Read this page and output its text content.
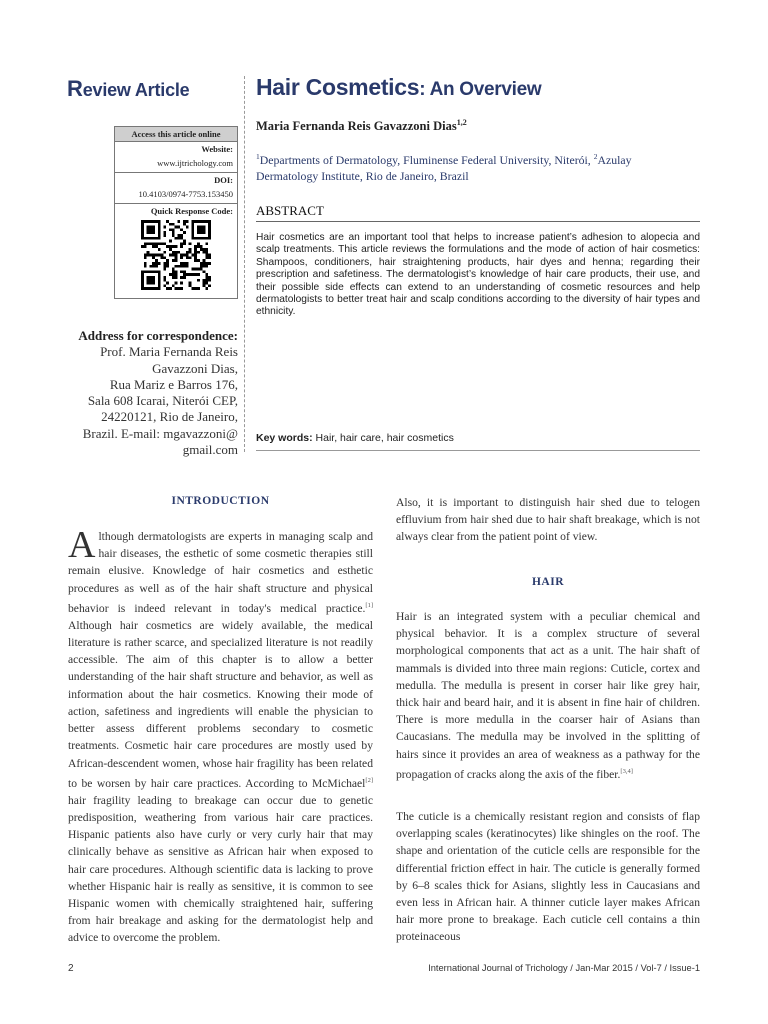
Review Article
Access this article online
Website:
www.ijtrichology.com
DOI:
10.4103/0974-7753.153450
Quick Response Code:
Address for correspondence:
Prof. Maria Fernanda Reis
Gavazzoni Dias,
Rua Mariz e Barros 176,
Sala 608 Icarai, Niterói CEP,
24220121, Rio de Janeiro,
Brazil. E-mail: mgavazzoni@
gmail.com
Hair Cosmetics: An Overview
Maria Fernanda Reis Gavazzoni Dias$^{1,2}$
$^1$Departments of Dermatology, Fluminense Federal University, Niterói, $^2$Azulay Dermatology Institute, Rio de Janeiro, Brazil
ABSTRACT
Hair cosmetics are an important tool that helps to increase patient’s adhesion to alopecia and scalp treatments. This article reviews the formulations and the mode of action of hair cosmetics: Shampoos, conditioners, hair straightening products, hair dyes and henna; regarding their prescription and safetiness. The dermatologist’s knowledge of hair care products, their use, and their possible side effects can extend to an understanding of cosmetic resources and help dermatologists to better treat hair and scalp conditions according to the diversity of hair types and ethnicity.
Key words: Hair, hair care, hair cosmetics
INTRODUCTION
Although dermatologists are experts in managing scalp and hair diseases, the esthetic of some cosmetic therapies still remain elusive. Knowledge of hair cosmetics and esthetic procedures as well as of the hair shaft structure and physical behavior is indeed relevant in today's medical practice.[1] Although hair cosmetics are widely available, the medical literature is rather scarce, and specialized literature is not readily accessible. The aim of this chapter is to allow a better understanding of the hair shaft structure and behavior, as well as information about the hair cosmetics. Knowing their mode of action, safetiness and ingredients will enable the physician to better assess different problems secondary to cosmetic treatments. Cosmetic hair care procedures are mostly used by African-descendent women, whose hair fragility has been related to be worsen by hair care practices. According to McMichael[2] hair fragility leading to breakage can occur due to genetic predisposition, weathering from various hair care practices. Hispanic patients also have curly or very curly hair that may clinically behave as sensitive as African hair when exposed to hair care procedures. Although scientific data is lacking to prove whether Hispanic hair is really as sensitive, it is common to see Hispanic women with chemically straightened hair, suffering from hair breakage and asking for the dermatologist help and advice to overcome the problem.
Also, it is important to distinguish hair shed due to telogen effluvium from hair shed due to hair shaft breakage, which is not always clear from the patient point of view.
HAIR
Hair is an integrated system with a peculiar chemical and physical behavior. It is a complex structure of several morphological components that act as a unit. The hair shaft of mammals is divided into three main regions: Cuticle, cortex and medulla. The medulla is present in corser hair like grey hair, thick hair and beard hair, and it is absent in fine hair of children. There is more medulla in the coarser hair of Asians than Caucasians. The medulla may be involved in the splitting of hairs since it provides an area of weakness as a pathway for the propagation of cracks along the axis of the fiber.[3,4]
The cuticle is a chemically resistant region and consists of flap overlapping scales (keratinocytes) like shingles on the roof. The shape and orientation of the cuticle cells are responsible for the differential friction effect in hair. The cuticle is generally formed by 6–8 scales thick for Asians, slightly less in Caucasians and even less in African hair. A thinner cuticle layer makes African hair more prone to breakage. Each cuticle cell contains a thin proteinaceous
2	International Journal of Trichology / Jan-Mar 2015 / Vol-7 / Issue-1
